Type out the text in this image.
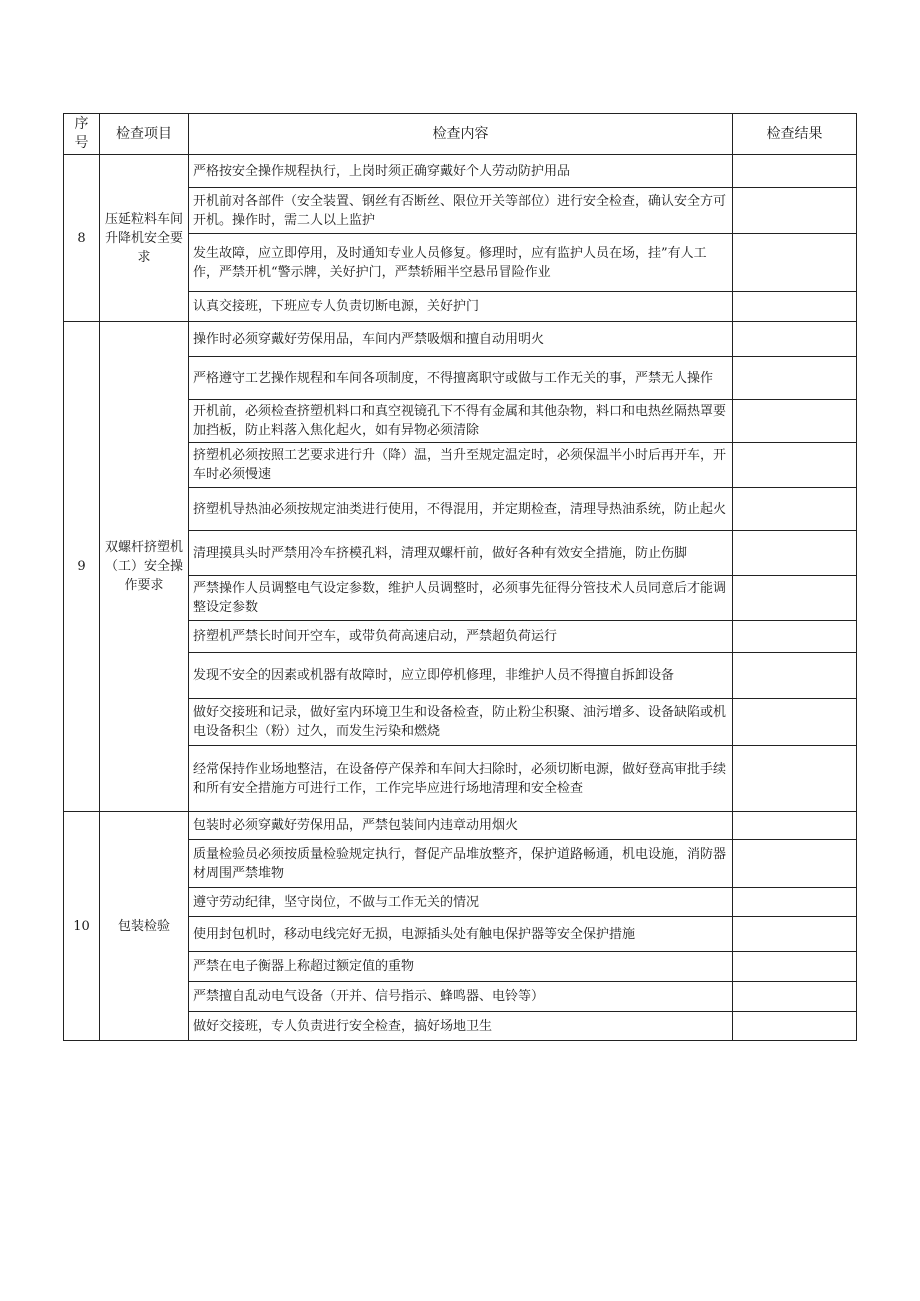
序号	检查项目	检查内容	检查结果
8	压延粒料车间升降机安全要求	严格按安全操作规程执行，上岗时须正确穿戴好个人劳动防护用品	
		开机前对各部件（安全装置、钢丝有否断丝、限位开关等部位）进行安全检查，确认安全方可开机。操作时，需二人以上监护	
		发生故障，应立即停用，及时通知专业人员修复。修理时，应有监护人员在场，挂”有人工作，严禁开机“警示牌，关好护门，严禁轿厢半空悬吊冒险作业	
		认真交接班，下班应专人负责切断电源，关好护门	
9	双螺杆挤塑机（工）安全操作要求	操作时必须穿戴好劳保用品，车间内严禁吸烟和擅自动用明火	
		严格遵守工艺操作规程和车间各项制度，不得擅离职守或做与工作无关的事，严禁无人操作	
		开机前，必须检查挤塑机料口和真空视镜孔下不得有金属和其他杂物，料口和电热丝隔热罩要加挡板，防止料落入焦化起火，如有异物必须清除	
		挤塑机必须按照工艺要求进行升（降）温，当升至规定温定时，必须保温半小时后再开车，开车时必须慢速	
		挤塑机导热油必须按规定油类进行使用，不得混用，并定期检查，清理导热油系统，防止起火	
		清理摸具头时严禁用冷车挤模孔料，清理双螺杆前，做好各种有效安全措施，防止伤脚	
		严禁操作人员调整电气设定参数，维护人员调整时，必须事先征得分管技术人员同意后才能调整设定参数	
		挤塑机严禁长时间开空车，或带负荷高速启动，严禁超负荷运行	
		发现不安全的因素或机器有故障时，应立即停机修理，非维护人员不得擅自拆卸设备	
		做好交接班和记录，做好室内环境卫生和设备检查，防止粉尘积聚、油污增多、设备缺陷或机电设备积尘（粉）过久，而发生污染和燃烧	
		经常保持作业场地整洁，在设备停产保养和车间大扫除时，必须切断电源，做好登高审批手续和所有安全措施方可进行工作，工作完毕应进行场地清理和安全检查	
10	包装检验	包装时必须穿戴好劳保用品，严禁包装间内违章动用烟火	
		质量检验员必须按质量检验规定执行，督促产品堆放整齐，保护道路畅通，机电设施，消防器材周围严禁堆物	
		遵守劳动纪律，坚守岗位，不做与工作无关的情况	
		使用封包机时，移动电线完好无损，电源插头处有触电保护器等安全保护措施	
		严禁在电子衡器上称超过额定值的重物	
		严禁擅自乱动电气设备（开并、信号指示、蜂鸣器、电铃等）	
		做好交接班，专人负责进行安全检查，搞好场地卫生	
